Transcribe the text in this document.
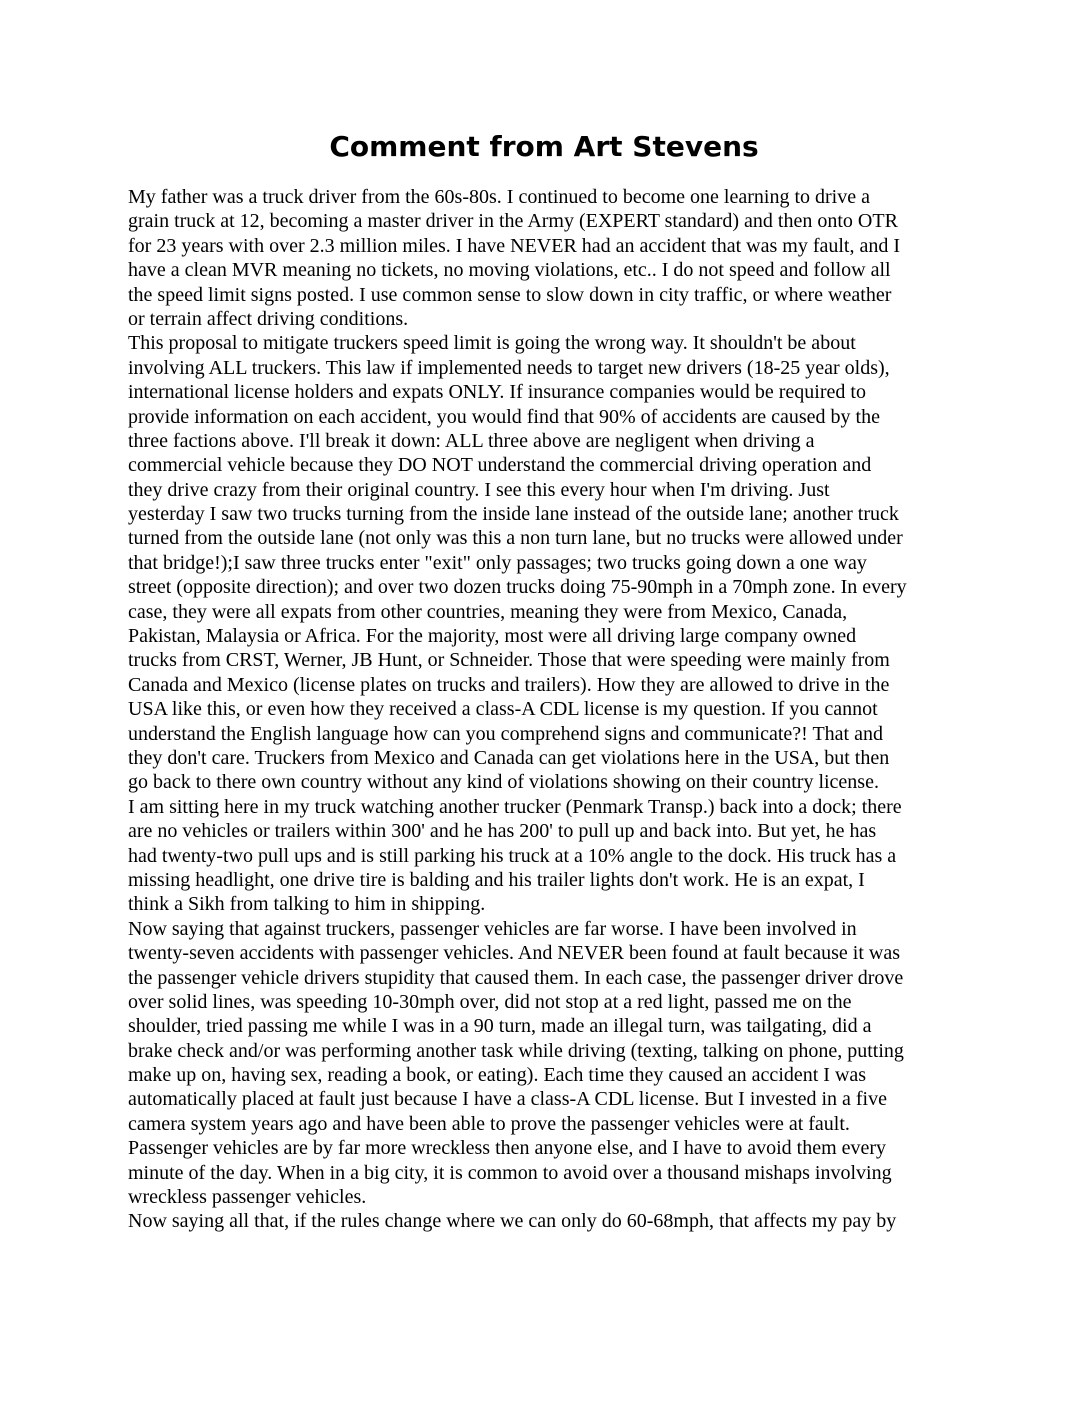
Comment from Art Stevens
My father was a truck driver from the 60s-80s. I continued to become one learning to drive a
grain truck at 12, becoming a master driver in the Army (EXPERT standard) and then onto OTR
for 23 years with over 2.3 million miles. I have NEVER had an accident that was my fault, and I
have a clean MVR meaning no tickets, no moving violations, etc.. I do not speed and follow all
the speed limit signs posted. I use common sense to slow down in city traffic, or where weather
or terrain affect driving conditions.
This proposal to mitigate truckers speed limit is going the wrong way. It shouldn't be about
involving ALL truckers. This law if implemented needs to target new drivers (18-25 year olds),
international license holders and expats ONLY. If insurance companies would be required to
provide information on each accident, you would find that 90% of accidents are caused by the
three factions above. I'll break it down: ALL three above are negligent when driving a
commercial vehicle because they DO NOT understand the commercial driving operation and
they drive crazy from their original country. I see this every hour when I'm driving. Just
yesterday I saw two trucks turning from the inside lane instead of the outside lane; another truck
turned from the outside lane (not only was this a non turn lane, but no trucks were allowed under
that bridge!);I saw three trucks enter "exit" only passages; two trucks going down a one way
street (opposite direction); and over two dozen trucks doing 75-90mph in a 70mph zone. In every
case, they were all expats from other countries, meaning they were from Mexico, Canada,
Pakistan, Malaysia or Africa. For the majority, most were all driving large company owned
trucks from CRST, Werner, JB Hunt, or Schneider. Those that were speeding were mainly from
Canada and Mexico (license plates on trucks and trailers). How they are allowed to drive in the
USA like this, or even how they received a class-A CDL license is my question. If you cannot
understand the English language how can you comprehend signs and communicate?! That and
they don't care. Truckers from Mexico and Canada can get violations here in the USA, but then
go back to there own country without any kind of violations showing on their country license.
I am sitting here in my truck watching another trucker (Penmark Transp.) back into a dock; there
are no vehicles or trailers within 300' and he has 200' to pull up and back into. But yet, he has
had twenty-two pull ups and is still parking his truck at a 10% angle to the dock. His truck has a
missing headlight, one drive tire is balding and his trailer lights don't work. He is an expat, I
think a Sikh from talking to him in shipping.
Now saying that against truckers, passenger vehicles are far worse. I have been involved in
twenty-seven accidents with passenger vehicles. And NEVER been found at fault because it was
the passenger vehicle drivers stupidity that caused them. In each case, the passenger driver drove
over solid lines, was speeding 10-30mph over, did not stop at a red light, passed me on the
shoulder, tried passing me while I was in a 90 turn, made an illegal turn, was tailgating, did a
brake check and/or was performing another task while driving (texting, talking on phone, putting
make up on, having sex, reading a book, or eating). Each time they caused an accident I was
automatically placed at fault just because I have a class-A CDL license. But I invested in a five
camera system years ago and have been able to prove the passenger vehicles were at fault.
Passenger vehicles are by far more wreckless then anyone else, and I have to avoid them every
minute of the day. When in a big city, it is common to avoid over a thousand mishaps involving
wreckless passenger vehicles.
Now saying all that, if the rules change where we can only do 60-68mph, that affects my pay by
